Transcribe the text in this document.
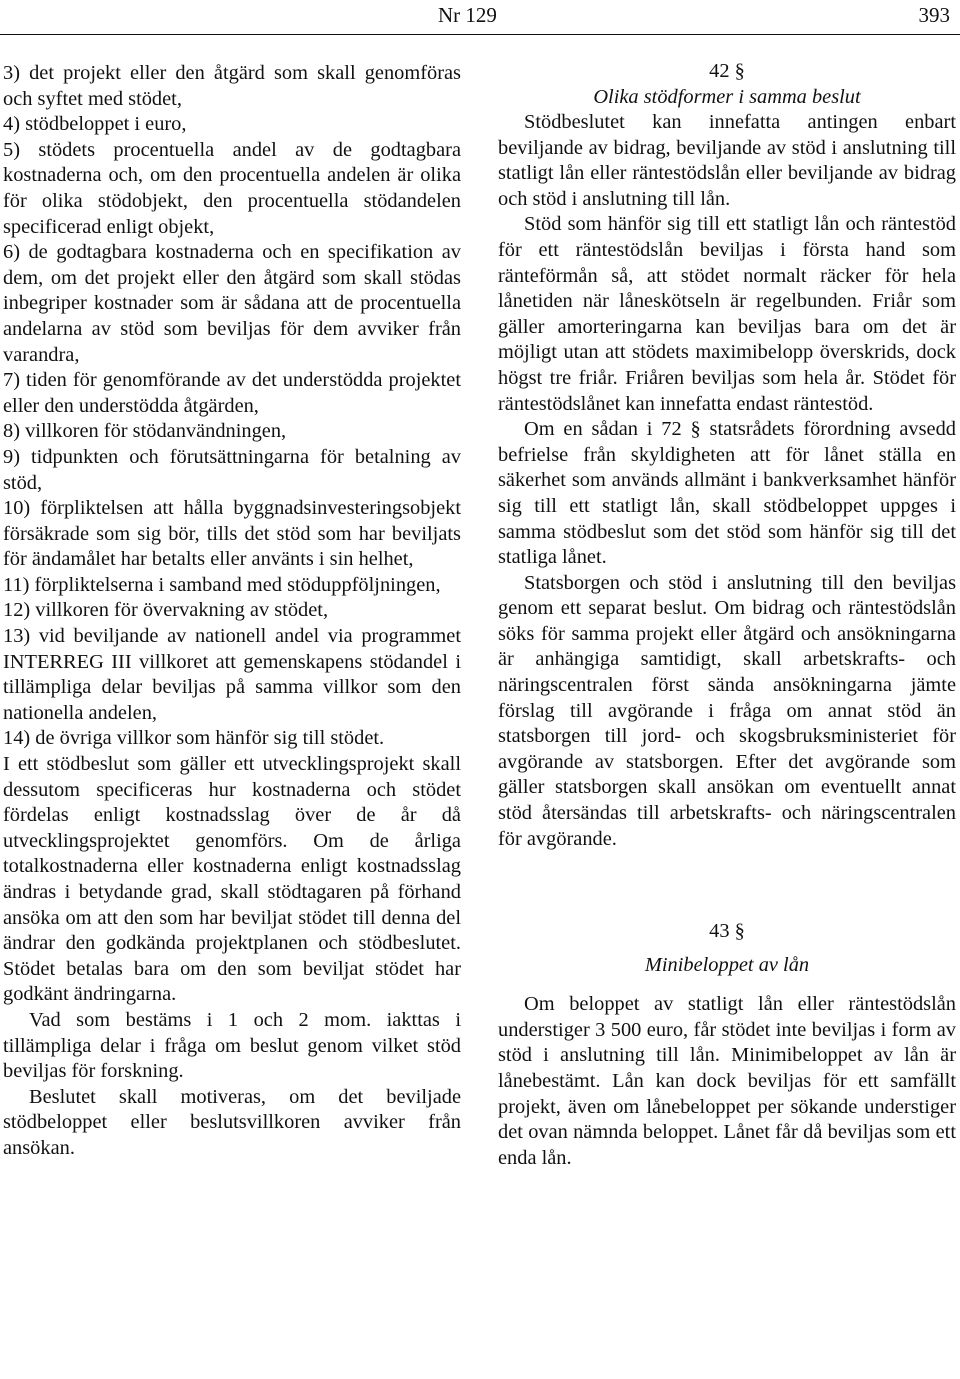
Nr 129	393

3) det projekt eller den åtgärd som skall genomföras och syftet med stödet,

4) stödbeloppet i euro,

5) stödets procentuella andel av de godtagbara kostnaderna och, om den procentuella andelen är olika för olika stödobjekt, den procentuella stödandelen specificerad enligt objekt,

6) de godtagbara kostnaderna och en specifikation av dem, om det projekt eller den åtgärd som skall stödas inbegriper kostnader som är sådana att de procentuella andelarna av stöd som beviljas för dem avviker från varandra,

7) tiden för genomförande av det understödda projektet eller den understödda åtgärden,

8) villkoren för stödanvändningen,

9) tidpunkten och förutsättningarna för betalning av stöd,

10) förpliktelsen att hålla byggnadsinvesteringsobjekt försäkrade som sig bör, tills det stöd som har beviljats för ändamålet har betalts eller använts i sin helhet,

11) förpliktelserna i samband med stöduppföljningen,

12) villkoren för övervakning av stödet,

13) vid beviljande av nationell andel via programmet INTERREG III villkoret att gemenskapens stödandel i tillämpliga delar beviljas på samma villkor som den nationella andelen,

14) de övriga villkor som hänför sig till stödet.

I ett stödbeslut som gäller ett utvecklingsprojekt skall dessutom specificeras hur kostnaderna och stödet fördelas enligt kostnadsslag över de år då utvecklingsprojektet genomförs. Om de årliga totalkostnaderna eller kostnaderna enligt kostnadsslag ändras i betydande grad, skall stödtagaren på förhand ansöka om att den som har beviljat stödet till denna del ändrar den godkända projektplanen och stödbeslutet. Stödet betalas bara om den som beviljat stödet har godkänt ändringarna.

Vad som bestäms i 1 och 2 mom. iakttas i tillämpliga delar i fråga om beslut genom vilket stöd beviljas för forskning.

Beslutet skall motiveras, om det beviljade stödbeloppet eller beslutsvillkoren avviker från ansökan.

42 §

Olika stödformer i samma beslut

Stödbeslutet kan innefatta antingen enbart beviljande av bidrag, beviljande av stöd i anslutning till statligt lån eller räntestödslån eller beviljande av bidrag och stöd i anslutning till lån.

Stöd som hänför sig till ett statligt lån och räntestöd för ett räntestödslån beviljas i första hand som ränteförmån så, att stödet normalt räcker för hela lånetiden när låneskötseln är regelbunden. Friår som gäller amorteringarna kan beviljas bara om det är möjligt utan att stödets maximibelopp överskrids, dock högst tre friår. Friåren beviljas som hela år. Stödet för räntestödslånet kan innefatta endast räntestöd.

Om en sådan i 72 § statsrådets förordning avsedd befrielse från skyldigheten att för lånet ställa en säkerhet som används allmänt i bankverksamhet hänför sig till ett statligt lån, skall stödbeloppet uppges i samma stödbeslut som det stöd som hänför sig till det statliga lånet.

Statsborgen och stöd i anslutning till den beviljas genom ett separat beslut. Om bidrag och räntestödslån söks för samma projekt eller åtgärd och ansökningarna är anhängiga samtidigt, skall arbetskrafts- och näringscentralen först sända ansökningarna jämte förslag till avgörande i fråga om annat stöd än statsborgen till jord- och skogsbruksministeriet för avgörande av statsborgen. Efter det avgörande som gäller statsborgen skall ansökan om eventuellt annat stöd återsändas till arbetskrafts- och näringscentralen för avgörande.

43 §

Minibeloppet av lån

Om beloppet av statligt lån eller räntestödslån understiger 3 500 euro, får stödet inte beviljas i form av stöd i anslutning till lån. Minimibeloppet av lån är lånebestämt. Lån kan dock beviljas för ett samfällt projekt, även om lånebeloppet per sökande understiger det ovan nämnda beloppet. Lånet får då beviljas som ett enda lån.
